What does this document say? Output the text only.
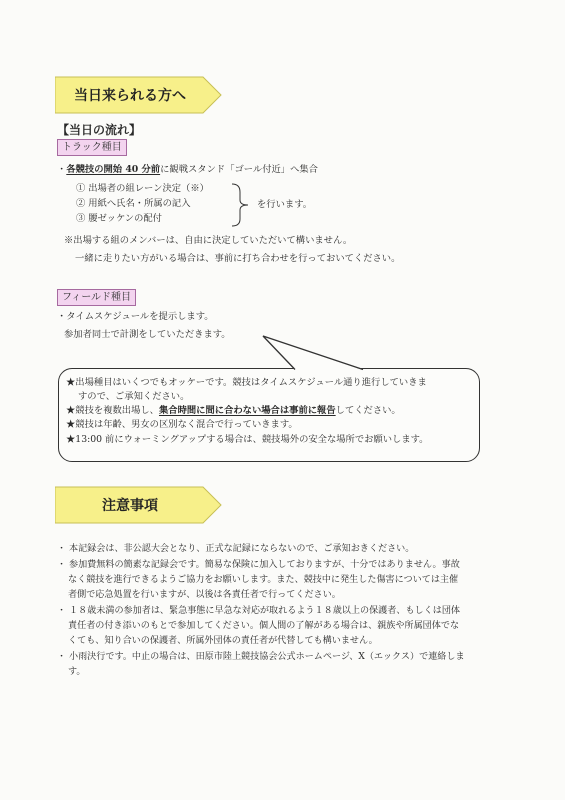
当日来られる方へ
【当日の流れ】
トラック種目
・各競技の開始 40 分前に観戦スタンド「ゴール付近」へ集合
① 出場者の組レーン決定（※）
② 用紙へ氏名・所属の記入
③ 腰ゼッケンの配付
を行います。
※出場する組のメンバーは、自由に決定していただいて構いません。
一緒に走りたい方がいる場合は、事前に打ち合わせを行っておいてください。
フィールド種目
・タイムスケジュールを提示します。
参加者同士で計測をしていただきます。
★出場種目はいくつでもオッケーです。競技はタイムスケジュール通り進行していきま
すので、ご承知ください。
★競技を複数出場し、集合時間に間に合わない場合は事前に報告してください。
★競技は年齢、男女の区別なく混合で行っていきます。
★13:00 前にウォーミングアップする場合は、競技場外の安全な場所でお願いします。
注意事項
・ 本記録会は、非公認大会となり、正式な記録にならないので、ご承知おきください。
・ 参加費無料の簡素な記録会です。簡易な保険に加入しておりますが、十分ではありません。事故
なく競技を進行できるようご協力をお願いします。また、競技中に発生した傷害については主催
者側で応急処置を行いますが、以後は各責任者で行ってください。
・ １８歳未満の参加者は、緊急事態に早急な対応が取れるよう１８歳以上の保護者、もしくは団体
責任者の付き添いのもとで参加してください。個人間の了解がある場合は、親族や所属団体でな
くても、知り合いの保護者、所属外団体の責任者が代替しても構いません。
・ 小雨決行です。中止の場合は、田原市陸上競技協会公式ホームページ、X（エックス）で連絡しま
す。
